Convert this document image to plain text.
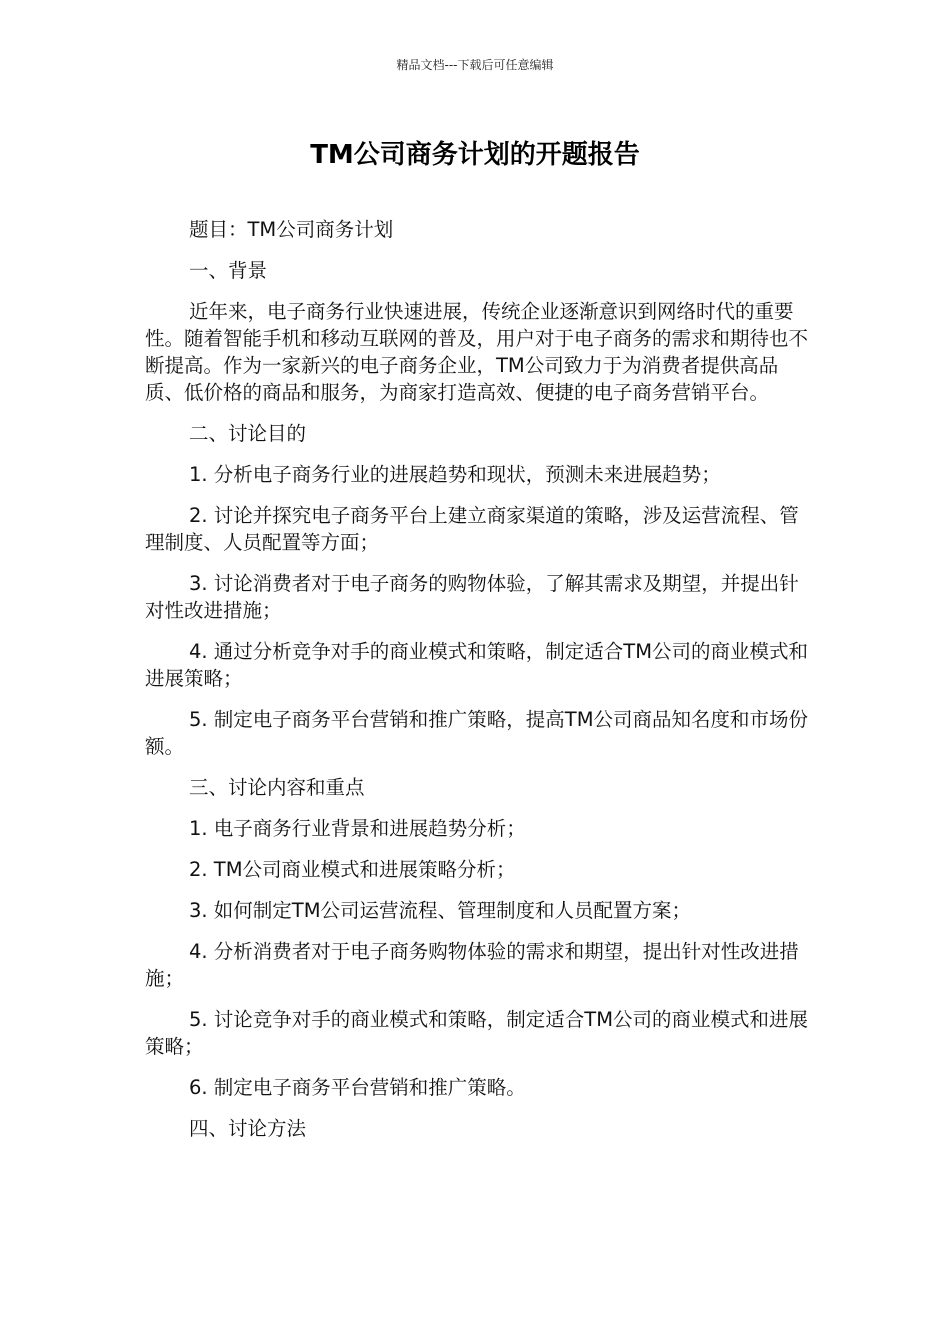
精品文档---下载后可任意编辑
TM公司商务计划的开题报告

题目：TM公司商务计划

一、背景

近年来，电子商务行业快速进展，传统企业逐渐意识到网络时代的重要性。随着智能手机和移动互联网的普及，用户对于电子商务的需求和期待也不断提高。作为一家新兴的电子商务企业，TM公司致力于为消费者提供高品质、低价格的商品和服务，为商家打造高效、便捷的电子商务营销平台。

二、讨论目的

1. 分析电子商务行业的进展趋势和现状，预测未来进展趋势；

2. 讨论并探究电子商务平台上建立商家渠道的策略，涉及运营流程、管理制度、人员配置等方面；

3. 讨论消费者对于电子商务的购物体验，了解其需求及期望，并提出针对性改进措施；

4. 通过分析竞争对手的商业模式和策略，制定适合TM公司的商业模式和进展策略；

5. 制定电子商务平台营销和推广策略，提高TM公司商品知名度和市场份额。

三、讨论内容和重点

1. 电子商务行业背景和进展趋势分析；

2. TM公司商业模式和进展策略分析；

3. 如何制定TM公司运营流程、管理制度和人员配置方案；

4. 分析消费者对于电子商务购物体验的需求和期望，提出针对性改进措施；

5. 讨论竞争对手的商业模式和策略，制定适合TM公司的商业模式和进展策略；

6. 制定电子商务平台营销和推广策略。

四、讨论方法
